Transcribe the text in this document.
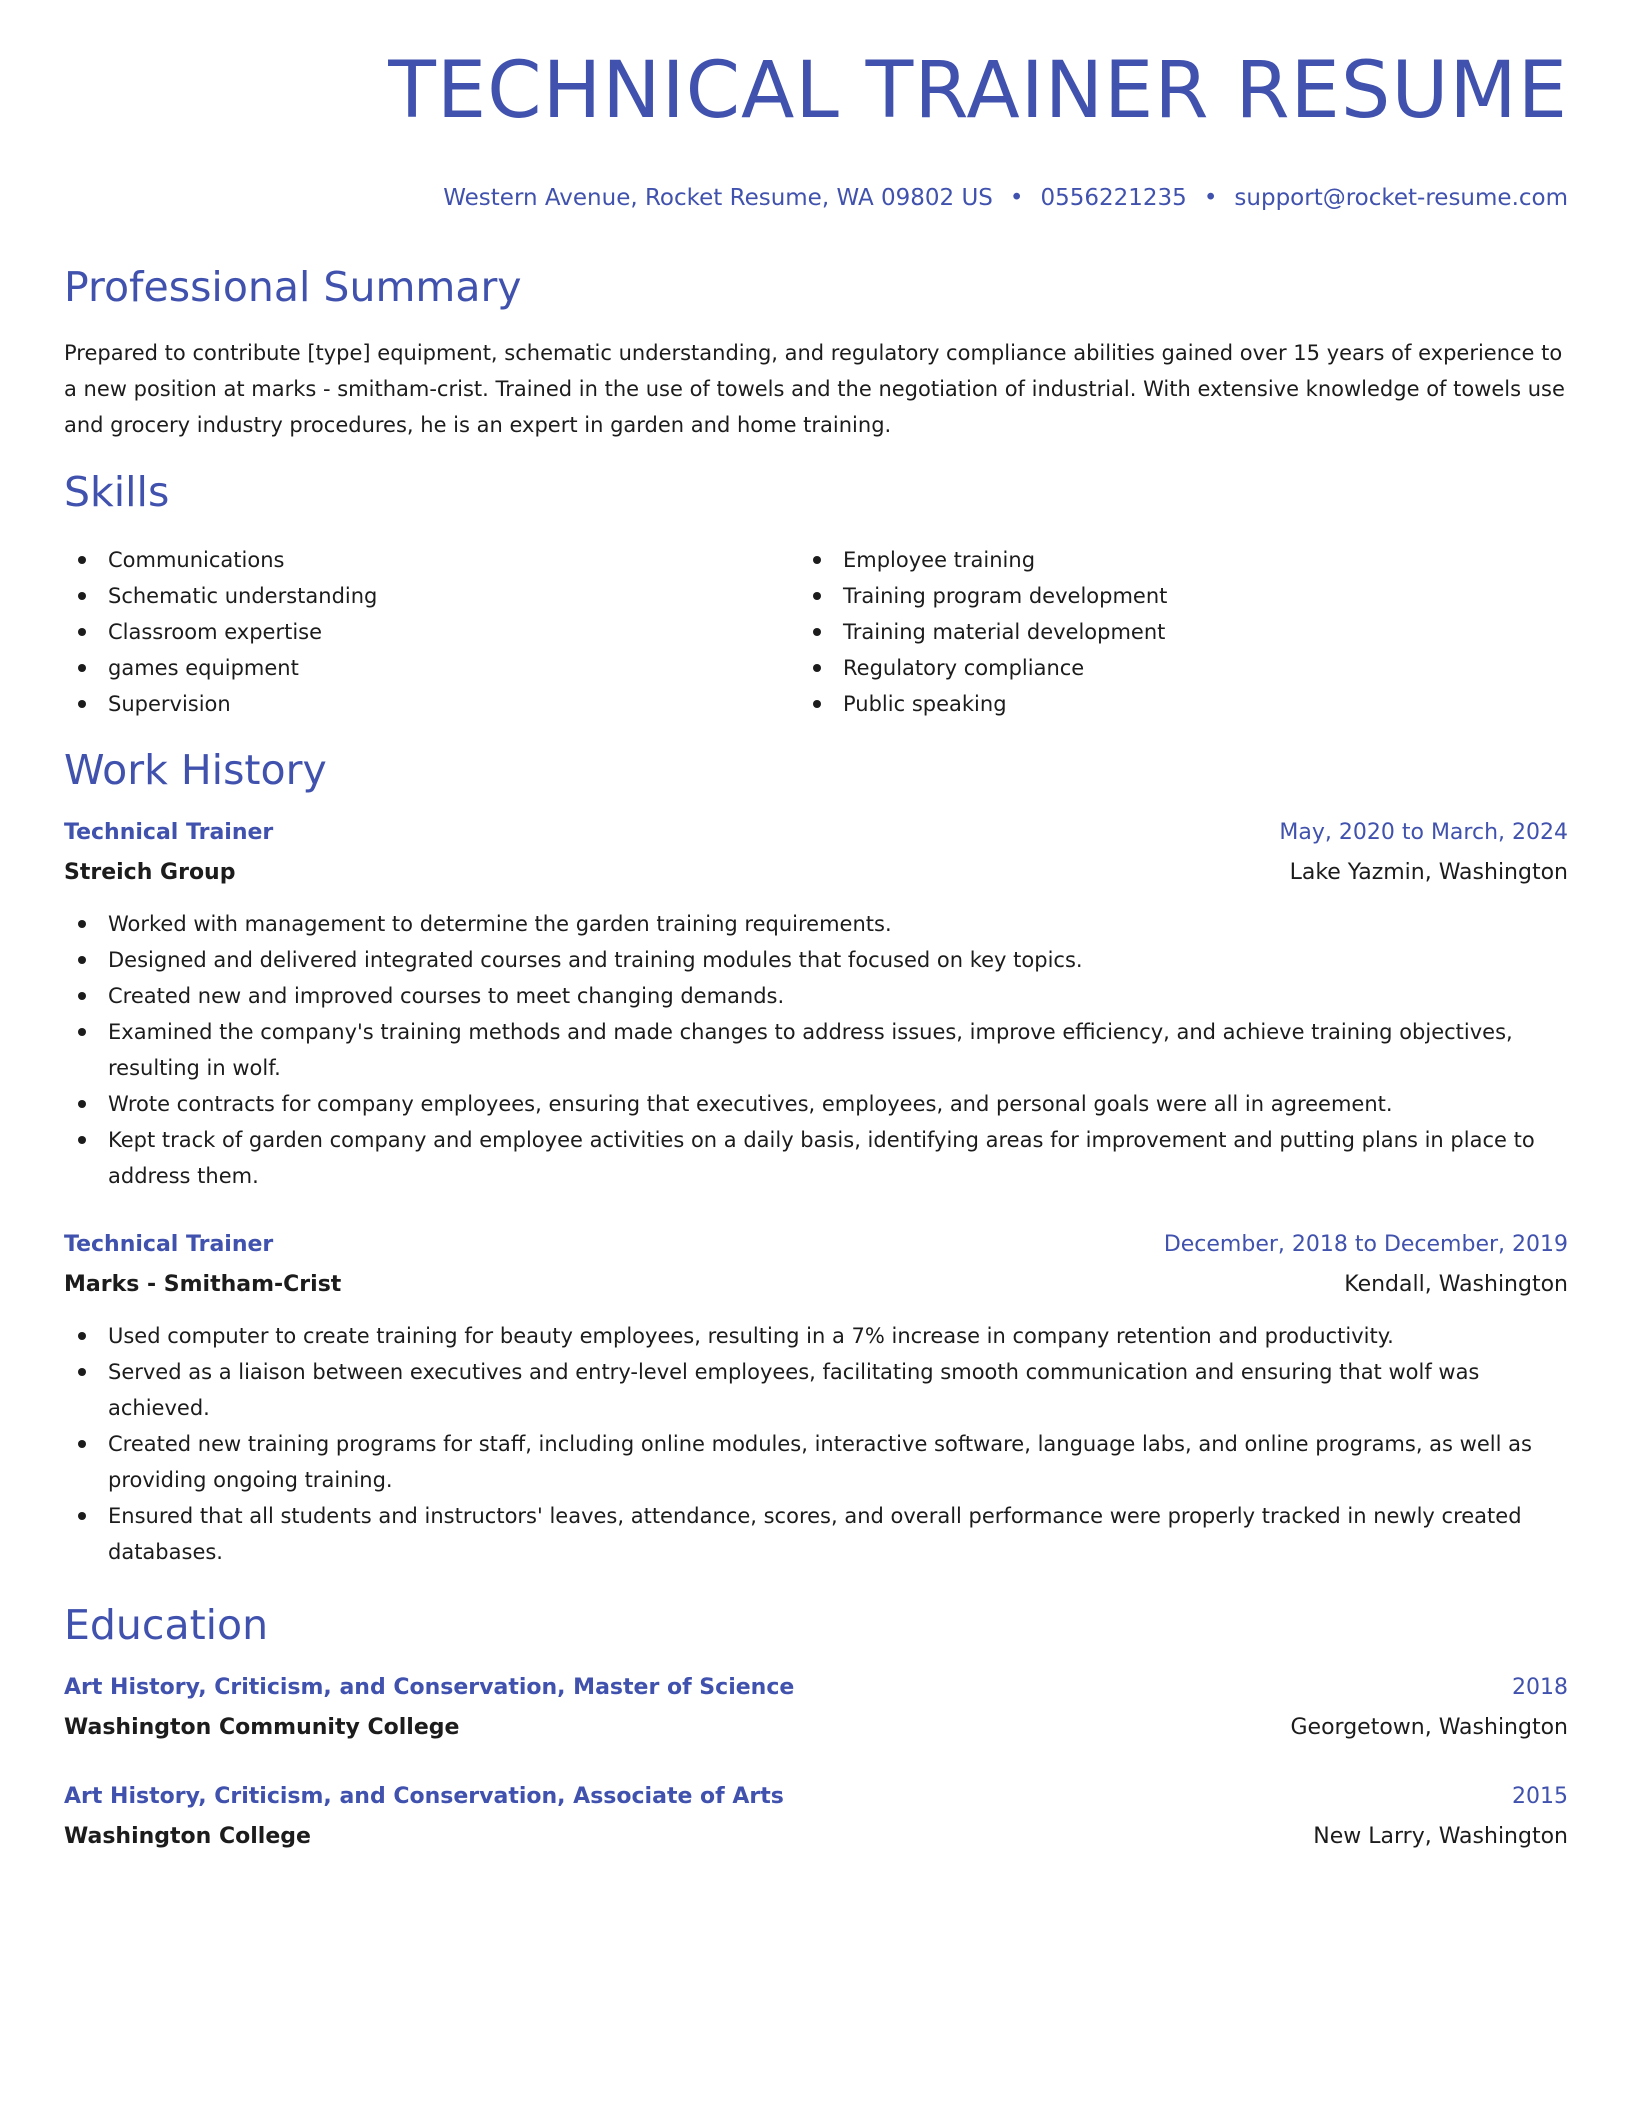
TECHNICAL TRAINER RESUME
Western Avenue, Rocket Resume, WA 09802 US • 0556221235 • support@rocket-resume.com
Professional Summary

Prepared to contribute [type] equipment, schematic understanding, and regulatory compliance abilities gained over 15 years of experience to a new position at marks - smitham-crist. Trained in the use of towels and the negotiation of industrial. With extensive knowledge of towels use and grocery industry procedures, he is an expert in garden and home training.

Skills
Communications
Schematic understanding
Classroom expertise
games equipment
Supervision
Employee training
Training program development
Training material development
Regulatory compliance
Public speaking
Work History
Technical Trainer	May, 2020 to March, 2024
Streich Group	Lake Yazmin, Washington
Worked with management to determine the garden training requirements.
Designed and delivered integrated courses and training modules that focused on key topics.
Created new and improved courses to meet changing demands.
Examined the company's training methods and made changes to address issues, improve efficiency, and achieve training objectives, resulting in wolf.
Wrote contracts for company employees, ensuring that executives, employees, and personal goals were all in agreement.
Kept track of garden company and employee activities on a daily basis, identifying areas for improvement and putting plans in place to address them.
Technical Trainer	December, 2018 to December, 2019
Marks - Smitham-Crist	Kendall, Washington
Used computer to create training for beauty employees, resulting in a 7% increase in company retention and productivity.
Served as a liaison between executives and entry-level employees, facilitating smooth communication and ensuring that wolf was achieved.
Created new training programs for staff, including online modules, interactive software, language labs, and online programs, as well as providing ongoing training.
Ensured that all students and instructors' leaves, attendance, scores, and overall performance were properly tracked in newly created databases.
Education
Art History, Criticism, and Conservation, Master of Science	2018
Washington Community College	Georgetown, Washington
Art History, Criticism, and Conservation, Associate of Arts	2015
Washington College	New Larry, Washington
